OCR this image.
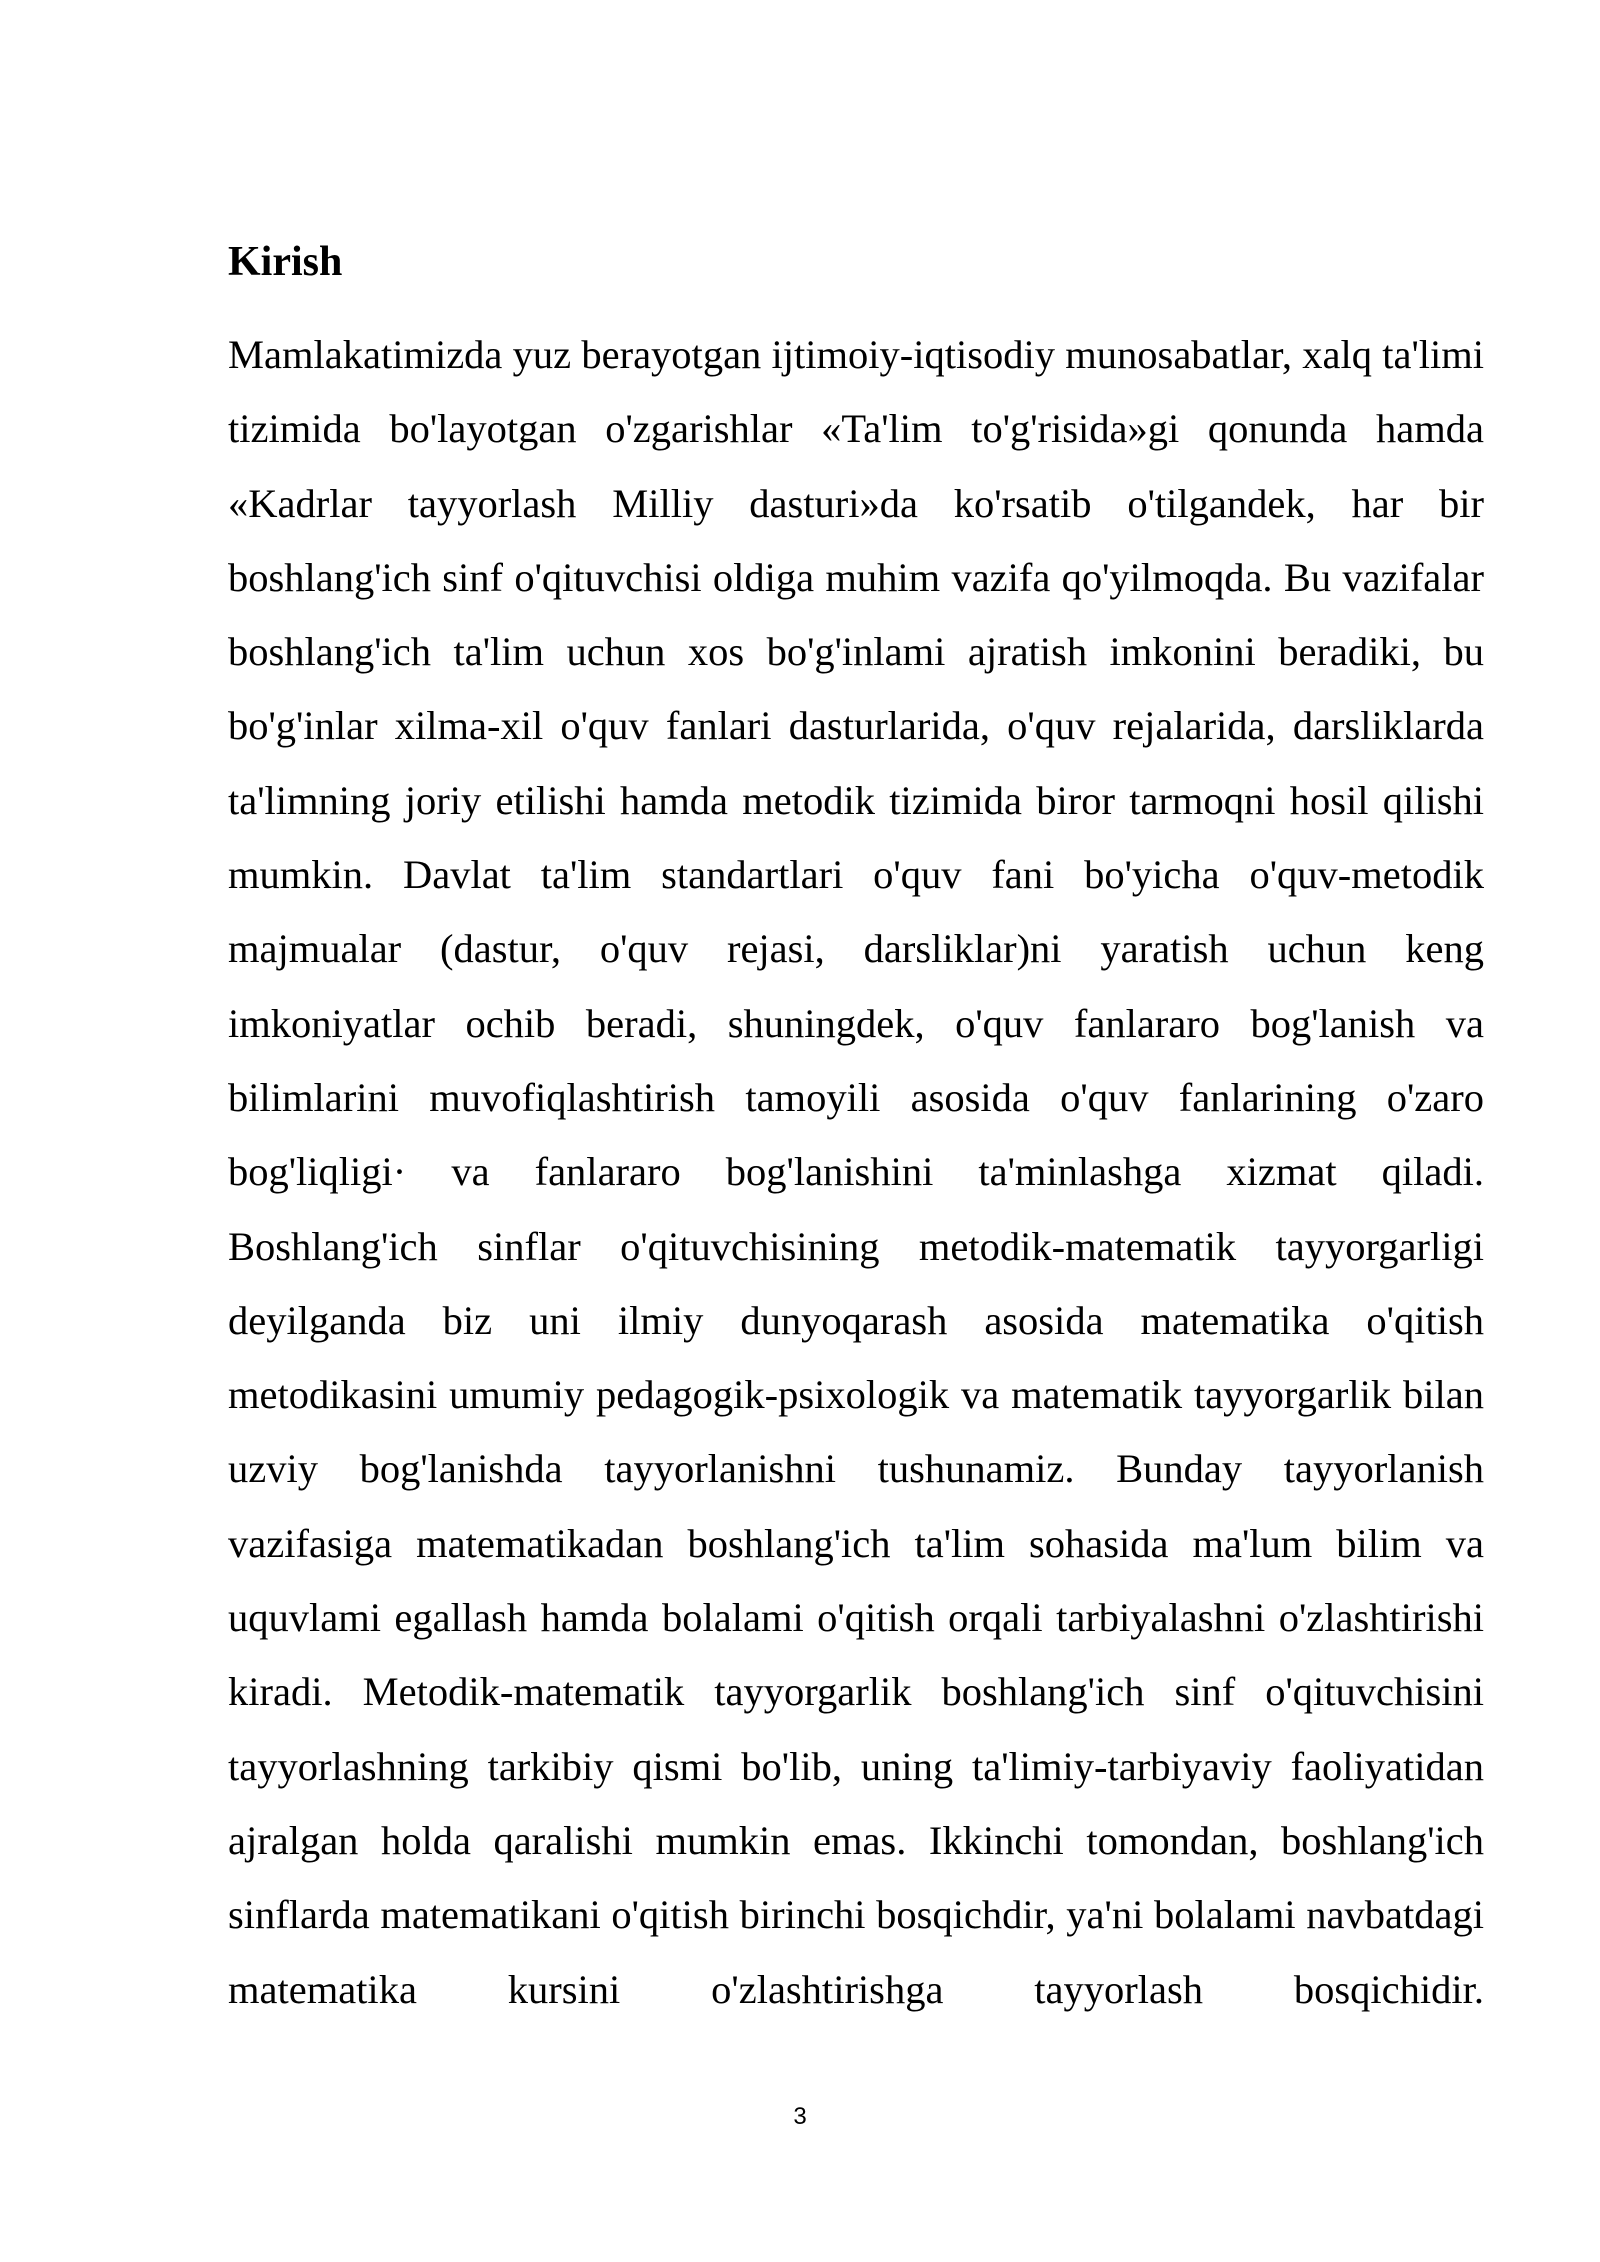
Kirish

Mamlakatimizda yuz berayotgan ijtimoiy-iqtisodiy munosabatlar, xalq ta'limi tizimida bo'layotgan o'zgarishlar «Ta'lim to'g'risida»gi qonunda hamda «Kadrlar tayyorlash Milliy dasturi»da ko'rsatib o'tilgandek, har bir boshlang'ich sinf o'qituvchisi oldiga muhim vazifa qo'yilmoqda. Bu vazifalar boshlang'ich ta'lim uchun xos bo'g'inlami ajratish imkonini beradiki, bu bo'g'inlar xilma-xil o'quv fanlari dasturlarida, o'quv rejalarida, darsliklarda ta'limning joriy etilishi hamda metodik tizimida biror tarmoqni hosil qilishi mumkin. Davlat ta'lim standartlari o'quv fani bo'yicha o'quv-metodik majmualar (dastur, o'quv rejasi, darsliklar)ni yaratish uchun keng imkoniyatlar ochib beradi, shuningdek, o'quv fanlararo bog'lanish va bilimlarini muvofiqlashtirish tamoyili asosida o'quv fanlarining o'zaro bog'liqligi· va fanlararo bog'lanishini ta'minlashga xizmat qiladi. Boshlang'ich sinflar o'qituvchisining metodik-matematik tayyorgarligi deyilganda biz uni ilmiy dunyoqarash asosida matematika o'qitish metodikasini umumiy pedagogik-psixologik va matematik tayyorgarlik bilan uzviy bog'lanishda tayyorlanishni tushunamiz. Bunday tayyorlanish vazifasiga matematikadan boshlang'ich ta'lim sohasida ma'lum bilim va uquvlami egallash hamda bolalami o'qitish orqali tarbiyalashni o'zlashtirishi kiradi. Metodik-matematik tayyorgarlik boshlang'ich sinf o'qituvchisini tayyorlashning tarkibiy qismi bo'lib, uning ta'limiy-tarbiyaviy faoliyatidan ajralgan holda qaralishi mumkin emas. Ikkinchi tomondan, boshlang'ich sinflarda matematikani o'qitish birinchi bosqichdir, ya'ni bolalami navbatdagi matematika kursini o'zlashtirishga tayyorlash bosqichidir.

3
